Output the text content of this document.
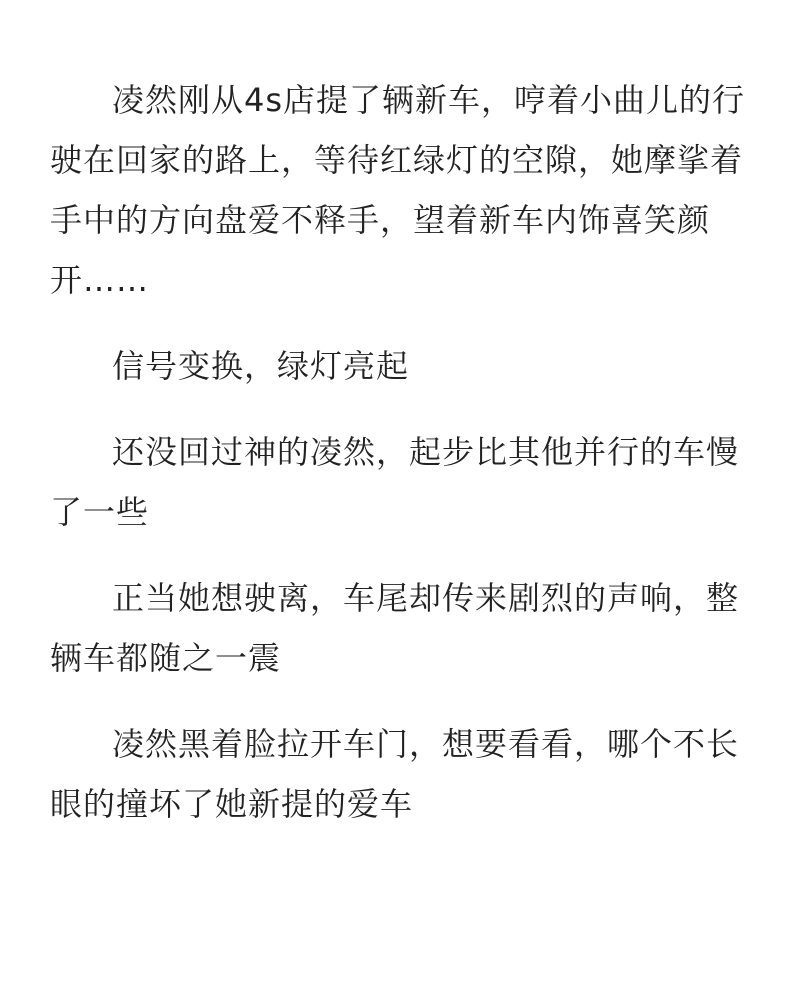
凌然刚从4s店提了辆新车，哼着小曲儿的行
驶在回家的路上，等待红绿灯的空隙，她摩挲着
手中的方向盘爱不释手，望着新车内饰喜笑颜
开……
信号变换，绿灯亮起
还没回过神的凌然，起步比其他并行的车慢
了一些
正当她想驶离，车尾却传来剧烈的声响，整
辆车都随之一震
凌然黑着脸拉开车门，想要看看，哪个不长
眼的撞坏了她新提的爱车
